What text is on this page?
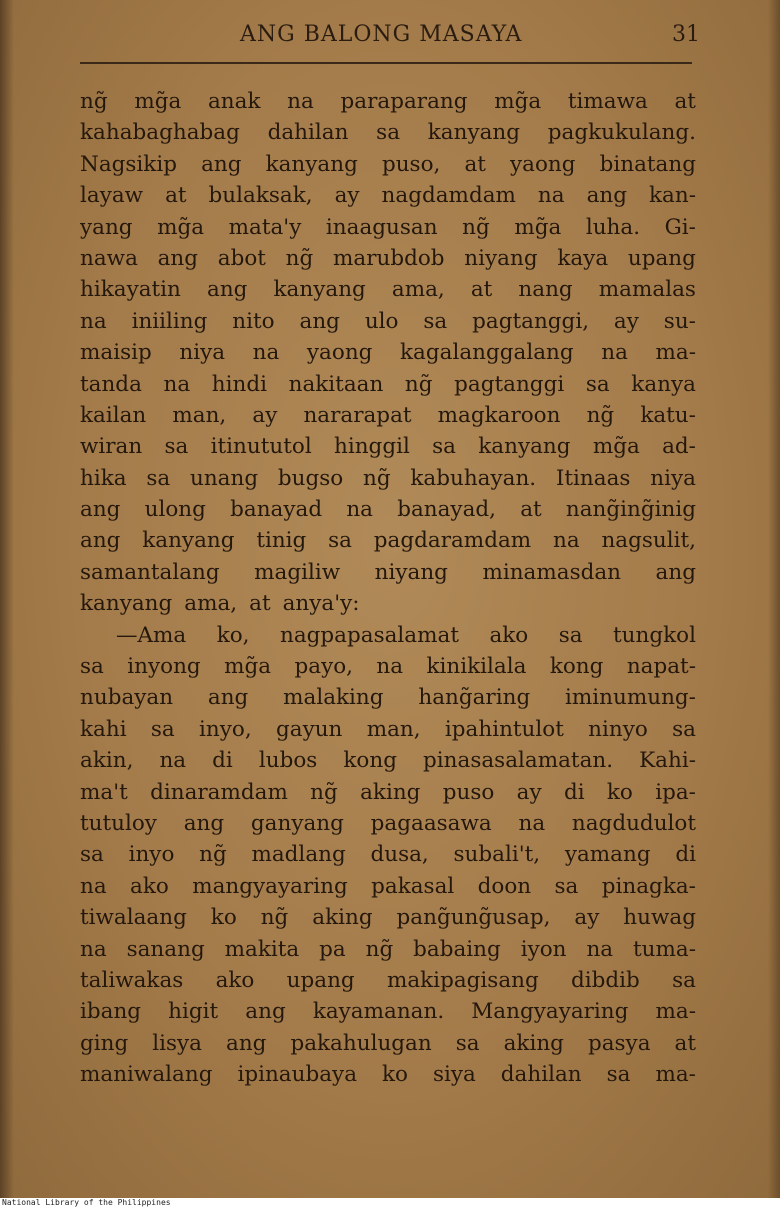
ANG BALONG MASAYA	31
ng̃ mg̃a anak na paraparang mg̃a timawa at
kahabaghabag dahilan sa kanyang pagkukulang.
Nagsikip ang kanyang puso, at yaong binatang
layaw at bulaksak, ay nagdamdam na ang kan-
yang mg̃a mata'y inaagusan ng̃ mg̃a luha. Gi-
nawa ang abot ng̃ marubdob niyang kaya upang
hikayatin ang kanyang ama, at nang mamalas
na iniiling nito ang ulo sa pagtanggi, ay su-
maisip niya na yaong kagalanggalang na ma-
tanda na hindi nakitaan ng̃ pagtanggi sa kanya
kailan man, ay nararapat magkaroon ng̃ katu-
wiran sa itinututol hinggil sa kanyang mg̃a ad-
hika sa unang bugso ng̃ kabuhayan. Itinaas niya
ang ulong banayad na banayad, at nang̃ing̃inig
ang kanyang tinig sa pagdaramdam na nagsulit,
samantalang magiliw niyang minamasdan ang
kanyang ama, at anya'y:
—Ama ko, nagpapasalamat ako sa tungkol
sa inyong mg̃a payo, na kinikilala kong napat-
nubayan ang malaking hang̃aring iminumung-
kahi sa inyo, gayun man, ipahintulot ninyo sa
akin, na di lubos kong pinasasalamatan. Kahi-
ma't dinaramdam ng̃ aking puso ay di ko ipa-
tutuloy ang ganyang pagaasawa na nagdudulot
sa inyo ng̃ madlang dusa, subali't, yamang di
na ako mangyayaring pakasal doon sa pinagka-
tiwalaang ko ng̃ aking pang̃ung̃usap, ay huwag
na sanang makita pa ng̃ babaing iyon na tuma-
taliwakas ako upang makipagisang dibdib sa
ibang higit ang kayamanan. Mangyayaring ma-
ging lisya ang pakahulugan sa aking pasya at
maniwalang ipinaubaya ko siya dahilan sa ma-
National Library of the Philippines
